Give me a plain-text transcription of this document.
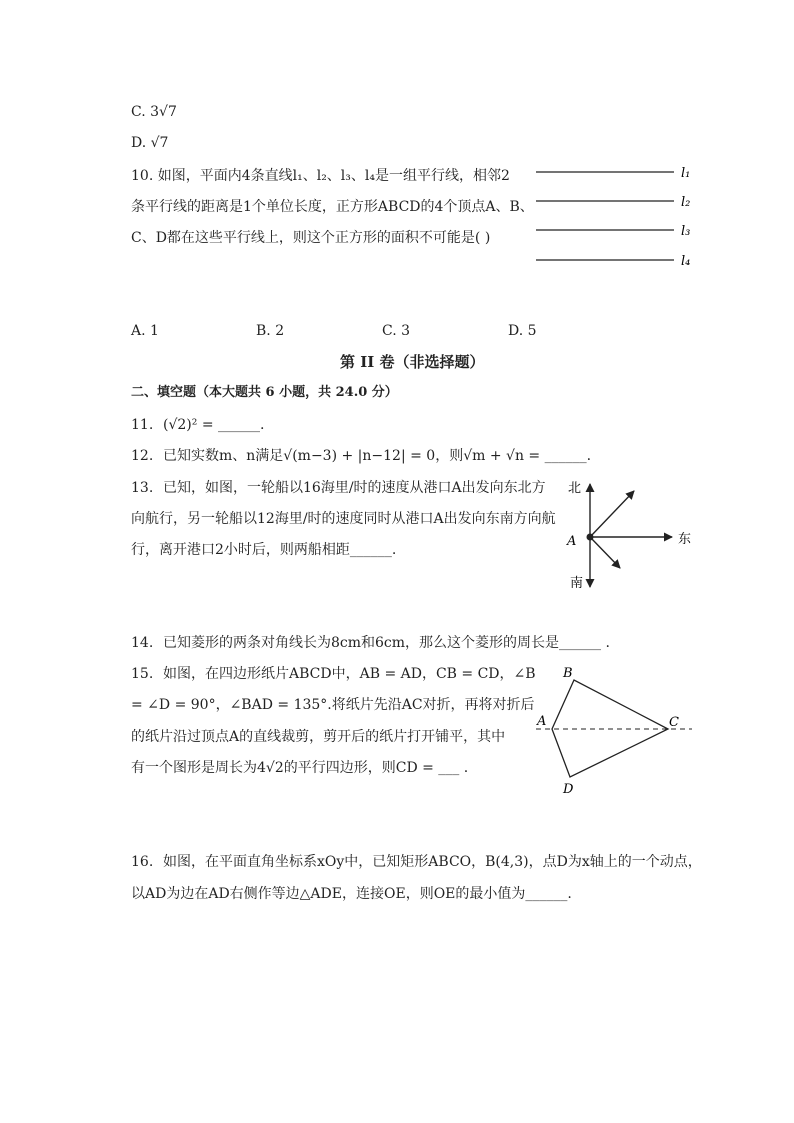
C. 3√7
D. √7
10. 如图，平面内4条直线l₁、l₂、l₃、l₄是一组平行线，相邻2
条平行线的距离是1个单位长度，正方形ABCD的4个顶点A、B、
C、D都在这些平行线上，则这个正方形的面积不可能是( )
l₁
l₂
l₃
l₄
A. 1	B. 2	C. 3	D. 5
第 II 卷（非选择题）
二、填空题（本大题共 6 小题，共 24.0 分）
11. (√2)² = ______.
12. 已知实数m、n满足√(m−3) + |n−12| = 0，则√m + √n = ______.
13. 已知，如图，一轮船以16海里/时的速度从港口A出发向东北方
向航行，另一轮船以12海里/时的速度同时从港口A出发向东南方向航
行，离开港口2小时后，则两船相距______.
北
东
南
A
14. 已知菱形的两条对角线长为8cm和6cm，那么这个菱形的周长是______ .
15. 如图，在四边形纸片ABCD中，AB = AD，CB = CD，∠B
= ∠D = 90°，∠BAD = 135°.将纸片先沿AC对折，再将对折后
的纸片沿过顶点A的直线裁剪，剪开后的纸片打开铺平，其中
有一个图形是周长为4√2的平行四边形，则CD = ___ .
B
A	C
D
16. 如图，在平面直角坐标系xOy中，已知矩形ABCO，B(4,3)，点D为x轴上的一个动点，
以AD为边在AD右侧作等边△ADE，连接OE，则OE的最小值为______.
